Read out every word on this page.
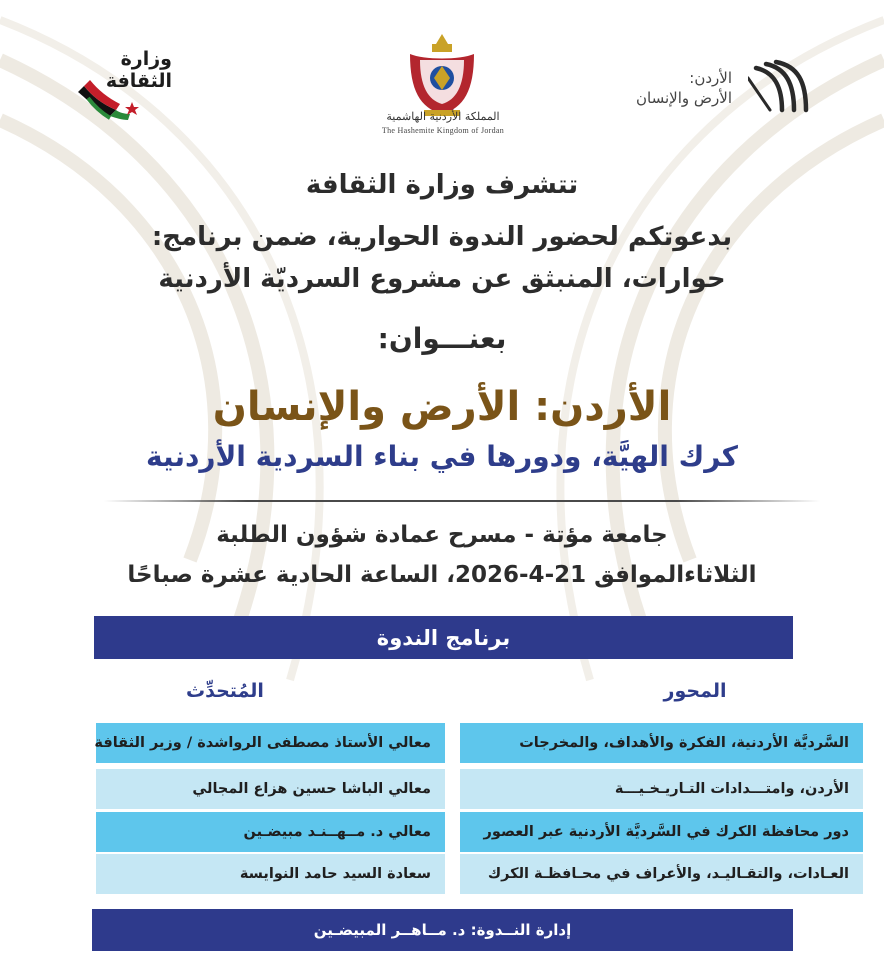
وزارة الثقافة
المملكة الأردنية الهاشمية
The Hashemite Kingdom of Jordan
الأردن:
الأرض والإنسان
تتشرف وزارة الثقافة
بدعوتكم لحضور الندوة الحوارية، ضمن برنامج:
حوارات، المنبثق عن مشروع السرديّة الأردنية
بعنـــوان:
الأردن: الأرض والإنسان
كرك الهيَّة، ودورها في بناء السردية الأردنية
جامعة مؤتة - مسرح عمادة شؤون الطلبة
الثلاثاءالموافق 21-4-2026، الساعة الحادية عشرة صباحًا
برنامج الندوة
المحور
المُتحدِّث
السَّرديَّة الأردنية، الفكرة والأهداف، والمخرجات
الأردن، وامتـــدادات التـاريـخـيـــة
دور محافظة الكرك في السَّرديَّة الأردنية عبر العصور
العـادات، والتقـاليـد، والأعراف في محـافظـة الكرك
معالي الأستاذ مصطفى الرواشدة / وزير الثقافة
معالي الباشا حسين هزاع المجالي
معالي د. مــهــنـد مبيضـين
سعادة السيد حامد النوايسة
إدارة النــدوة: د. مــاهــر المبيضـين
